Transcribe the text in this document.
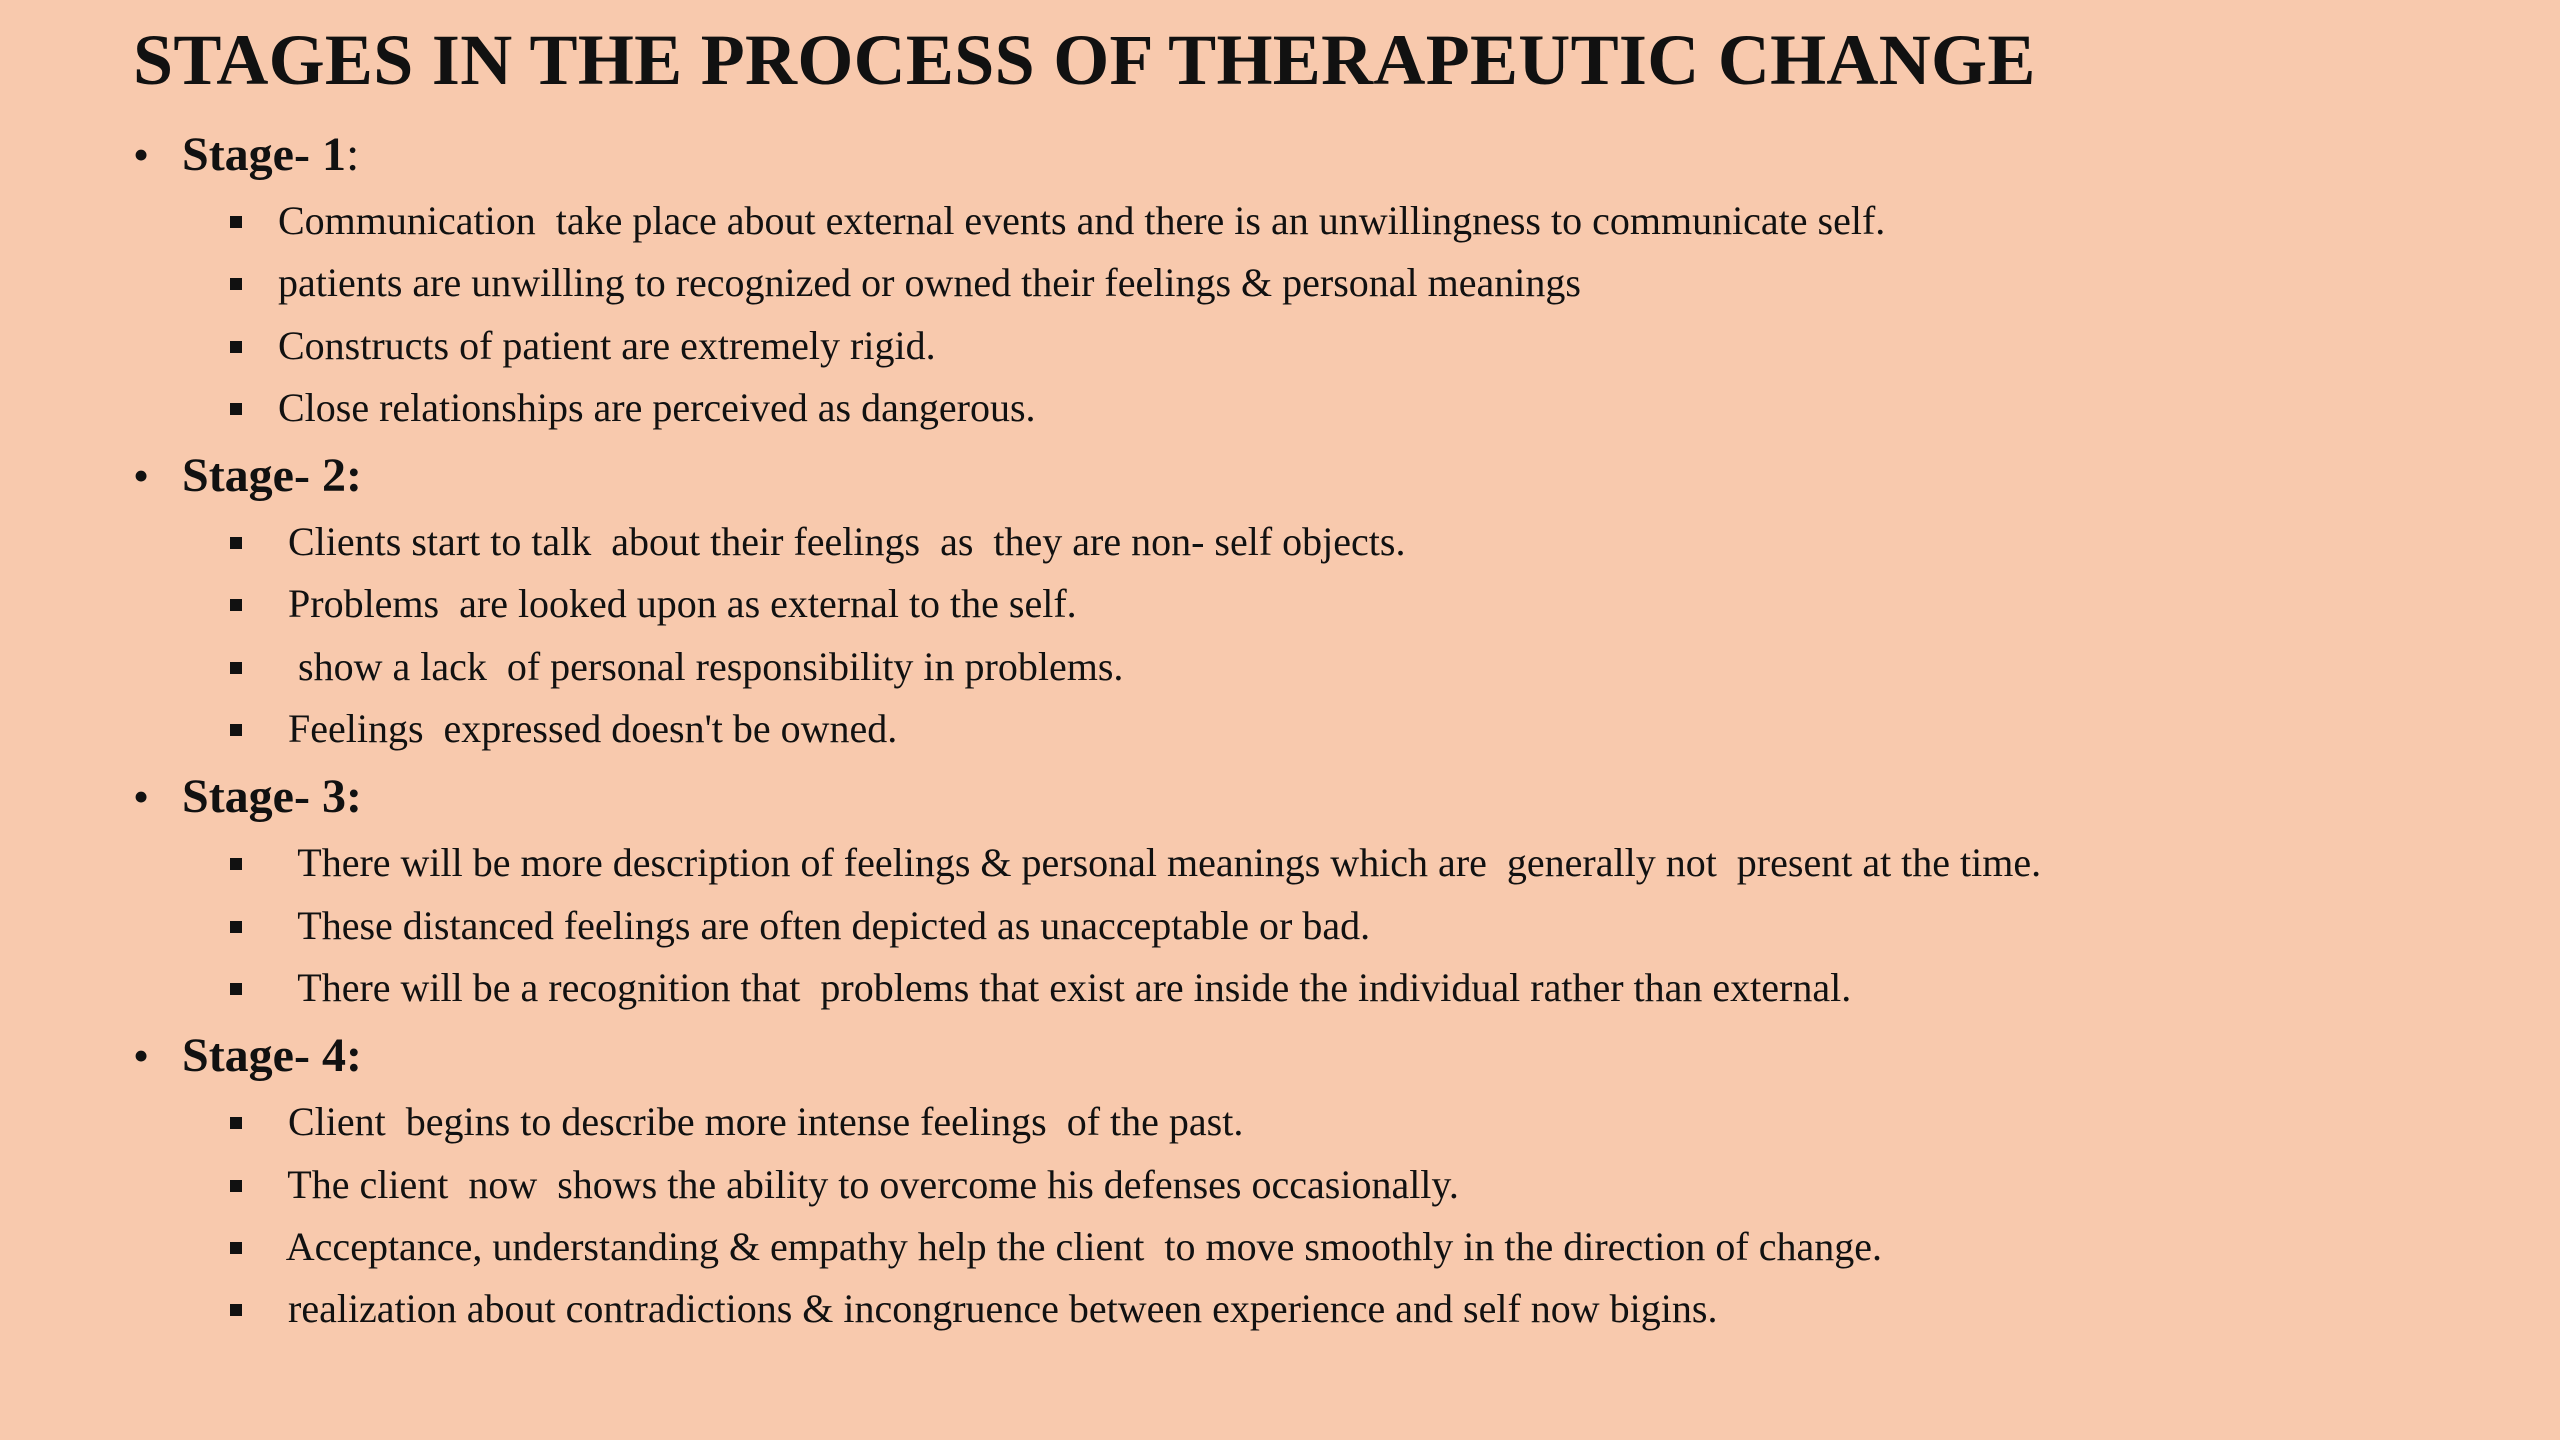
STAGES IN THE PROCESS OF THERAPEUTIC CHANGE
• Stage- 1:
Communication  take place about external events and there is an unwillingness to communicate self.
patients are unwilling to recognized or owned their feelings & personal meanings
Constructs of patient are extremely rigid.
Close relationships are perceived as dangerous.
• Stage- 2:
Clients start to talk  about their feelings  as  they are non- self objects.
Problems  are looked upon as external to the self.
show a lack  of personal responsibility in problems.
Feelings  expressed doesn't be owned.
• Stage- 3:
There will be more description of feelings & personal meanings which are  generally not  present at the time.
These distanced feelings are often depicted as unacceptable or bad.
There will be a recognition that  problems that exist are inside the individual rather than external.
• Stage- 4:
Client  begins to describe more intense feelings  of the past.
The client  now  shows the ability to overcome his defenses occasionally.
Acceptance, understanding & empathy help the client  to move smoothly in the direction of change.
realization about contradictions & incongruence between experience and self now bigins.
